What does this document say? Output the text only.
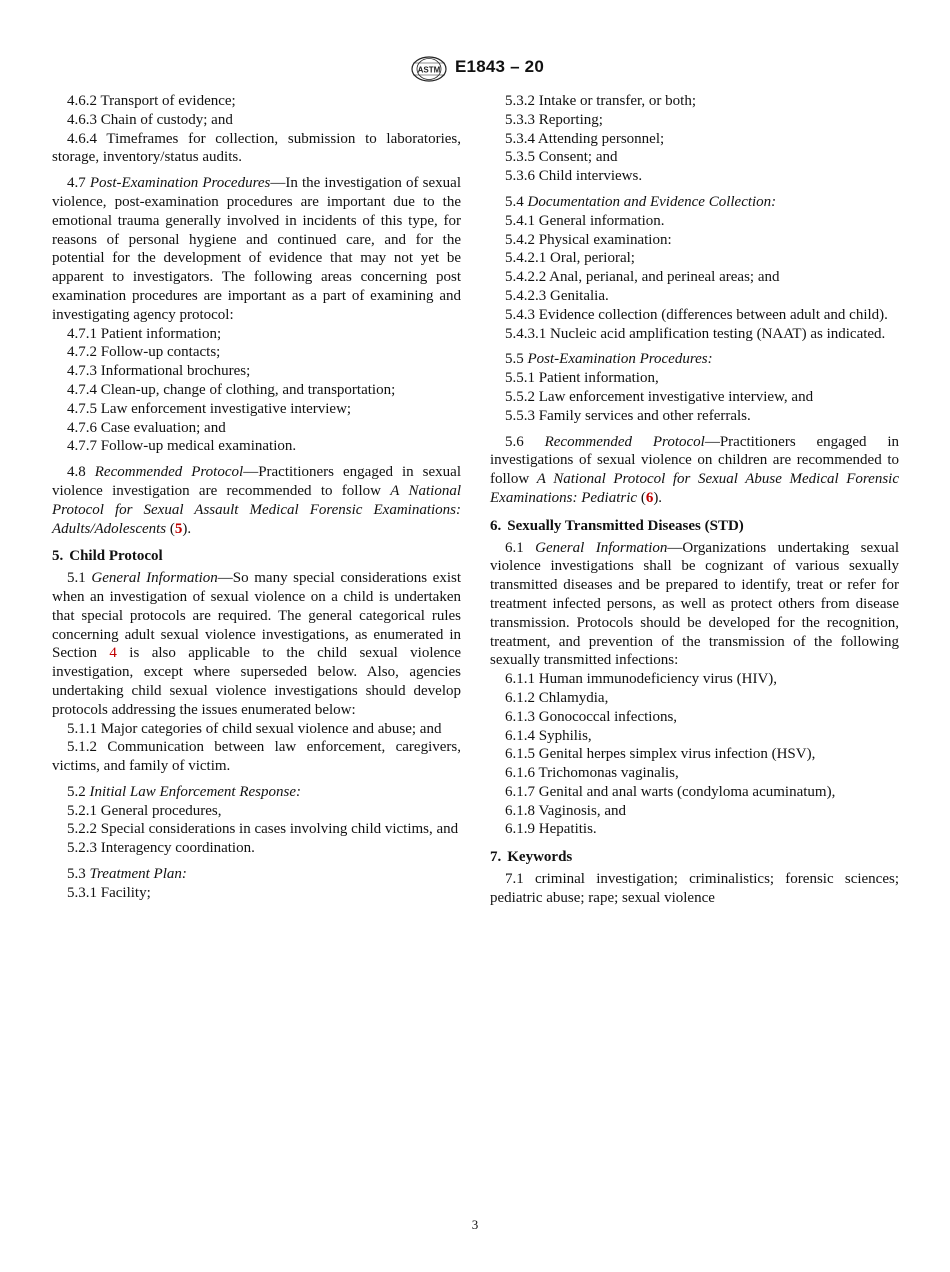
ASTM E1843 – 20

4.6.2 Transport of evidence;

4.6.3 Chain of custody; and

4.6.4 Timeframes for collection, submission to laboratories, storage, inventory/status audits.

4.7 Post-Examination Procedures—In the investigation of sexual violence, post-examination procedures are important due to the emotional trauma generally involved in incidents of this type, for reasons of personal hygiene and continued care, and for the potential for the development of evidence that may not yet be apparent to investigators. The following areas concerning post examination procedures are important as a part of examining and investigating agency protocol:

4.7.1 Patient information;

4.7.2 Follow-up contacts;

4.7.3 Informational brochures;

4.7.4 Clean-up, change of clothing, and transportation;

4.7.5 Law enforcement investigative interview;

4.7.6 Case evaluation; and

4.7.7 Follow-up medical examination.

4.8 Recommended Protocol—Practitioners engaged in sexual violence investigation are recommended to follow A National Protocol for Sexual Assault Medical Forensic Examinations: Adults/Adolescents (5).

5. Child Protocol

5.1 General Information—So many special considerations exist when an investigation of sexual violence on a child is undertaken that special protocols are required. The general categorical rules concerning adult sexual violence investigations, as enumerated in Section 4 is also applicable to the child sexual violence investigation, except where superseded below. Also, agencies undertaking child sexual violence investigations should develop protocols addressing the issues enumerated below:

5.1.1 Major categories of child sexual violence and abuse; and

5.1.2 Communication between law enforcement, caregivers, victims, and family of victim.

5.2 Initial Law Enforcement Response:

5.2.1 General procedures,

5.2.2 Special considerations in cases involving child victims, and

5.2.3 Interagency coordination.

5.3 Treatment Plan:

5.3.1 Facility;

5.3.2 Intake or transfer, or both;

5.3.3 Reporting;

5.3.4 Attending personnel;

5.3.5 Consent; and

5.3.6 Child interviews.

5.4 Documentation and Evidence Collection:

5.4.1 General information.

5.4.2 Physical examination:

5.4.2.1 Oral, perioral;

5.4.2.2 Anal, perianal, and perineal areas; and

5.4.2.3 Genitalia.

5.4.3 Evidence collection (differences between adult and child).

5.4.3.1 Nucleic acid amplification testing (NAAT) as indicated.

5.5 Post-Examination Procedures:

5.5.1 Patient information,

5.5.2 Law enforcement investigative interview, and

5.5.3 Family services and other referrals.

5.6 Recommended Protocol—Practitioners engaged in investigations of sexual violence on children are recommended to follow A National Protocol for Sexual Abuse Medical Forensic Examinations: Pediatric (6).

6. Sexually Transmitted Diseases (STD)

6.1 General Information—Organizations undertaking sexual violence investigations shall be cognizant of various sexually transmitted diseases and be prepared to identify, treat or refer for treatment infected persons, as well as protect others from disease transmission. Protocols should be developed for the recognition, treatment, and prevention of the transmission of the following sexually transmitted infections:

6.1.1 Human immunodeficiency virus (HIV),

6.1.2 Chlamydia,

6.1.3 Gonococcal infections,

6.1.4 Syphilis,

6.1.5 Genital herpes simplex virus infection (HSV),

6.1.6 Trichomonas vaginalis,

6.1.7 Genital and anal warts (condyloma acuminatum),

6.1.8 Vaginosis, and

6.1.9 Hepatitis.

7. Keywords

7.1 criminal investigation; criminalistics; forensic sciences; pediatric abuse; rape; sexual violence

3
